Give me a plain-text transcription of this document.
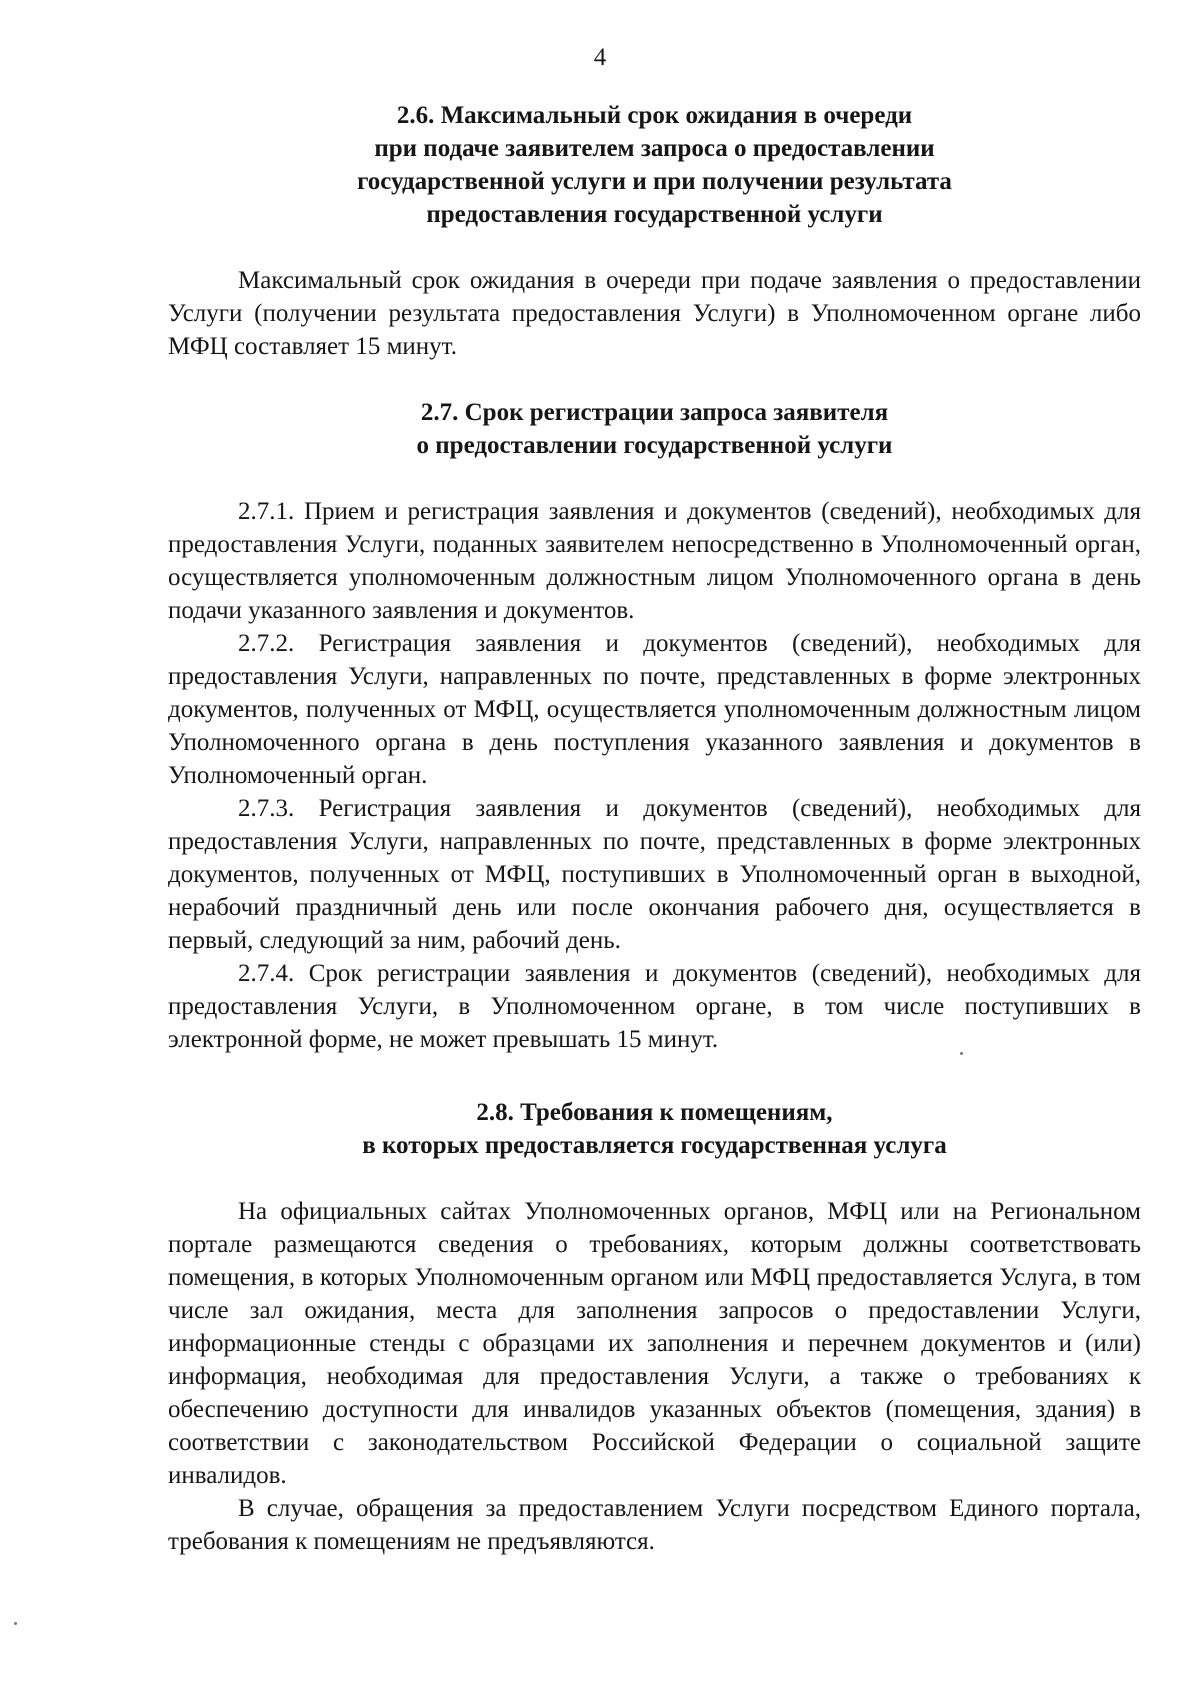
4
2.6. Максимальный срок ожидания в очереди
при подаче заявителем запроса о предоставлении
государственной услуги и при получении результата
предоставления государственной услуги

Максимальный срок ожидания в очереди при подаче заявления о предоставлении Услуги (получении результата предоставления Услуги) в Уполномоченном органе либо МФЦ составляет 15 минут.

2.7. Срок регистрации запроса заявителя
о предоставлении государственной услуги

2.7.1. Прием и регистрация заявления и документов (сведений), необходимых для предоставления Услуги, поданных заявителем непосредственно в Уполномоченный орган, осуществляется уполномоченным должностным лицом Уполномоченного органа в день подачи указанного заявления и документов.

2.7.2. Регистрация заявления и документов (сведений), необходимых для предоставления Услуги, направленных по почте, представленных в форме электронных документов, полученных от МФЦ, осуществляется уполномоченным должностным лицом Уполномоченного органа в день поступления указанного заявления и документов в Уполномоченный орган.

2.7.3. Регистрация заявления и документов (сведений), необходимых для предоставления Услуги, направленных по почте, представленных в форме электронных документов, полученных от МФЦ, поступивших в Уполномоченный орган в выходной, нерабочий праздничный день или после окончания рабочего дня, осуществляется в первый, следующий за ним, рабочий день.

2.7.4. Срок регистрации заявления и документов (сведений), необходимых для предоставления Услуги, в Уполномоченном органе, в том числе поступивших в электронной форме, не может превышать 15 минут.

2.8. Требования к помещениям,
в которых предоставляется государственная услуга

На официальных сайтах Уполномоченных органов, МФЦ или на Региональном портале размещаются сведения о требованиях, которым должны соответствовать помещения, в которых Уполномоченным органом или МФЦ предоставляется Услуга, в том числе зал ожидания, места для заполнения запросов о предоставлении Услуги, информационные стенды с образцами их заполнения и перечнем документов и (или) информация, необходимая для предоставления Услуги, а также о требованиях к обеспечению доступности для инвалидов указанных объектов (помещения, здания) в соответствии с законодательством Российской Федерации о социальной защите инвалидов.

В случае, обращения за предоставлением Услуги посредством Единого портала, требования к помещениям не предъявляются.
